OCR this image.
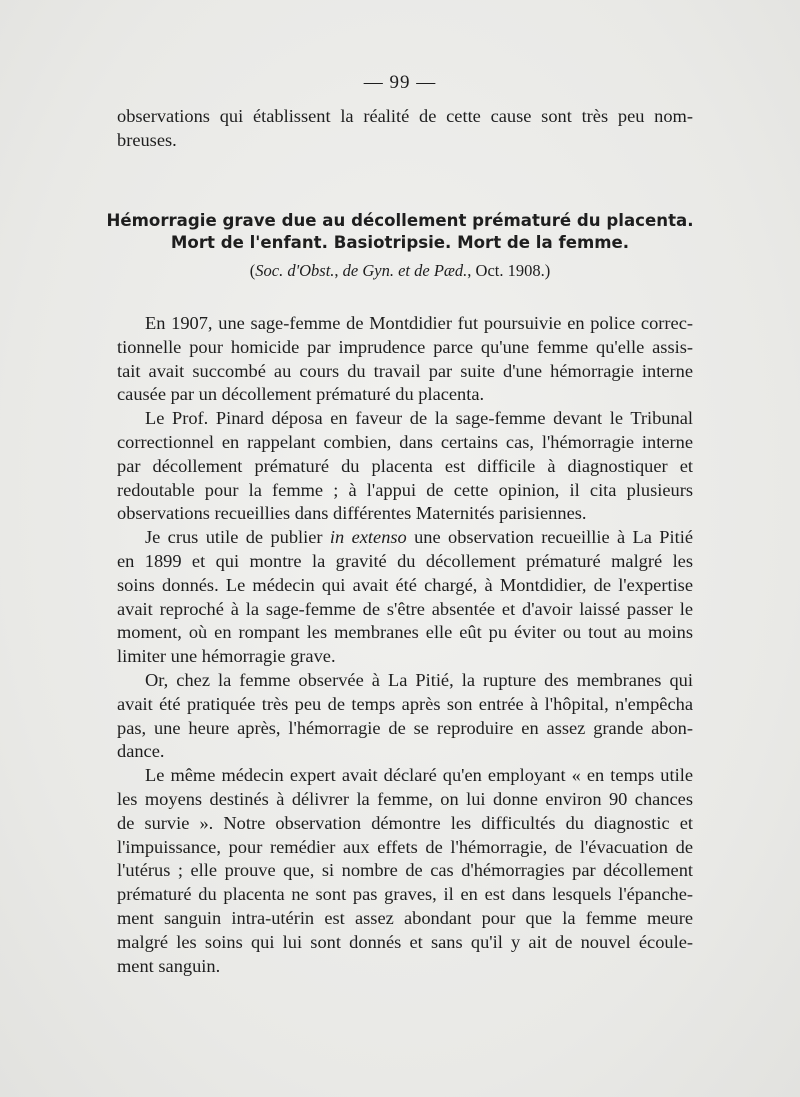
— 99 —
observations qui établissent la réalité de cette cause sont très peu nom-
breuses.
Hémorragie grave due au décollement prématuré du placenta.
Mort de l'enfant. Basiotripsie. Mort de la femme.
(Soc. d'Obst., de Gyn. et de Pæd., Oct. 1908.)
En 1907, une sage-femme de Montdidier fut poursuivie en police correc-
tionnelle pour homicide par imprudence parce qu'une femme qu'elle assis-
tait avait succombé au cours du travail par suite d'une hémorragie interne
causée par un décollement prématuré du placenta.
Le Prof. Pinard déposa en faveur de la sage-femme devant le Tribunal
correctionnel en rappelant combien, dans certains cas, l'hémorragie interne
par décollement prématuré du placenta est difficile à diagnostiquer et
redoutable pour la femme ; à l'appui de cette opinion, il cita plusieurs
observations recueillies dans différentes Maternités parisiennes.
Je crus utile de publier in extenso une observation recueillie à La Pitié
en 1899 et qui montre la gravité du décollement prématuré malgré les
soins donnés. Le médecin qui avait été chargé, à Montdidier, de l'expertise
avait reproché à la sage-femme de s'être absentée et d'avoir laissé passer le
moment, où en rompant les membranes elle eût pu éviter ou tout au moins
limiter une hémorragie grave.
Or, chez la femme observée à La Pitié, la rupture des membranes qui
avait été pratiquée très peu de temps après son entrée à l'hôpital, n'empêcha
pas, une heure après, l'hémorragie de se reproduire en assez grande abon-
dance.
Le même médecin expert avait déclaré qu'en employant « en temps utile
les moyens destinés à délivrer la femme, on lui donne environ 90 chances
de survie ». Notre observation démontre les difficultés du diagnostic et
l'impuissance, pour remédier aux effets de l'hémorragie, de l'évacuation de
l'utérus ; elle prouve que, si nombre de cas d'hémorragies par décollement
prématuré du placenta ne sont pas graves, il en est dans lesquels l'épanche-
ment sanguin intra-utérin est assez abondant pour que la femme meure
malgré les soins qui lui sont donnés et sans qu'il y ait de nouvel écoule-
ment sanguin.
